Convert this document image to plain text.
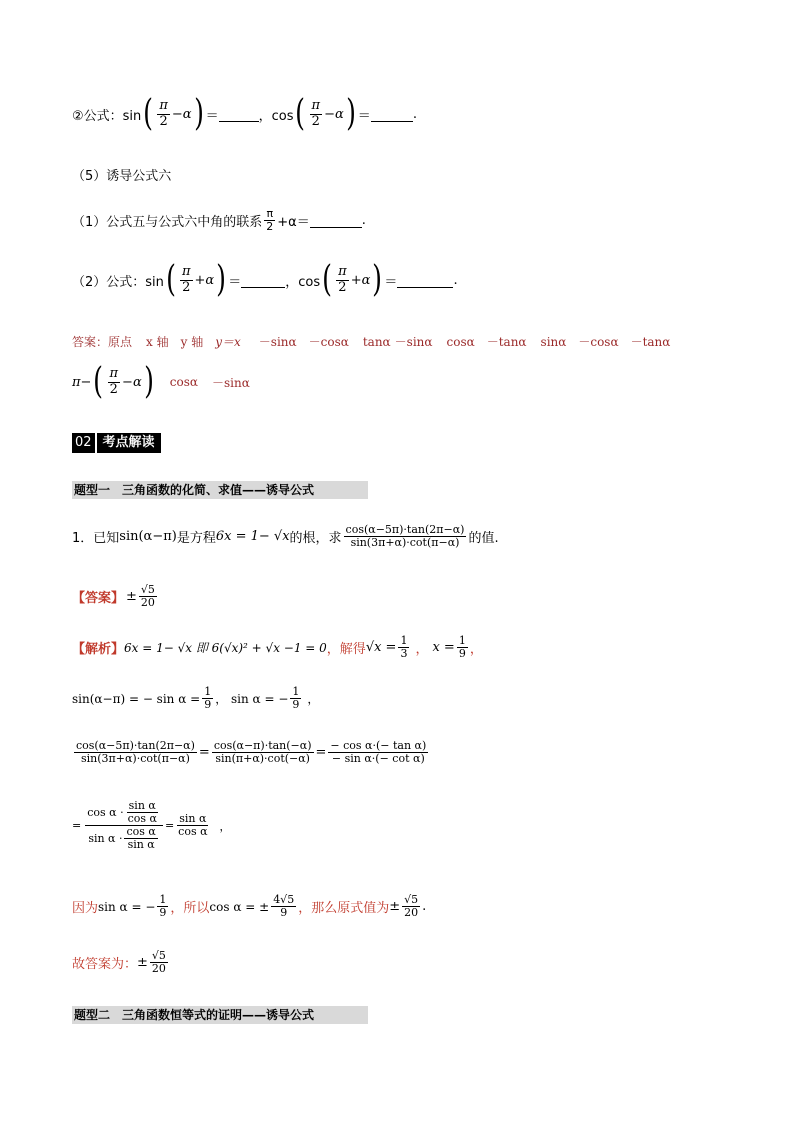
②公式：sin ( $\frac{\pi}{2} -\alpha$ ) ＝	，cos ( $\frac{\pi}{2} -\alpha$ ) ＝	.
（5）诱导公式六
（1）公式五与公式六中角的联系 $\frac{\pi}{2} +\alpha=$	.
（2）公式：sin ( $\frac{\pi}{2} +\alpha$ ) ＝	，cos ( $\frac{\pi}{2} +\alpha$ ) ＝	.
答案：原点 x 轴 y 轴 y＝x －sinα －cosα tanα －sinα cosα －tanα sinα －cosα －tanα
π − ( $\frac{\pi}{2} -\alpha$ ) cosα －sinα
02 考点解读
题型一　三角函数的化简、求值——诱导公式
1．已知 sin(α−π) 是方程 6x = 1− √x 的根，求 $\frac{\cos(\alpha-5\pi)\cdot\tan(2\pi-\alpha)}{\sin(3\pi+\alpha)\cdot\cot(\pi-\alpha)}$ 的值.
【答案】 ± $\frac{√5}{20}$
【解析】 6x = 1− √x 即 6(√x)² + √x −1 = 0 ，解得 $√x = \frac{1}{3}$ ， $x = \frac{1}{9}$ ，
sin(α−π) = − $\sin \alpha = \frac{1}{9}$ ， sin α = − $\frac{1}{9}$ ，
$\frac{\cos(\alpha-5\pi)\cdot\tan(2\pi-\alpha)}{\sin(3\pi+\alpha)\cdot\cot(\pi-\alpha)} = \frac{\cos(\alpha-\pi)\cdot\tan(-\alpha)}{\sin(\pi+\alpha)\cdot\cot(-\alpha)} = \frac{\text{− cos α·(− tan α)}}{\text{− sin α·(− cot α)}}$
= $\frac{\cos \alpha \cdot \frac{\text{sin α}}{\text{cos α}}}{\sin \alpha \cdot \frac{\text{cos α}}{\text{sin α}}} = \frac{\text{sin α}}{\text{cos α}}$ ，
因为 sin α = − $\frac{1}{9}$ ，所以 cos α = ± $\frac{4√5}{9}$ ，那么原式值为 ± $\frac{√5}{20}$ .
故答案为： ± $\frac{√5}{20}$
题型二　三角函数恒等式的证明——诱导公式
